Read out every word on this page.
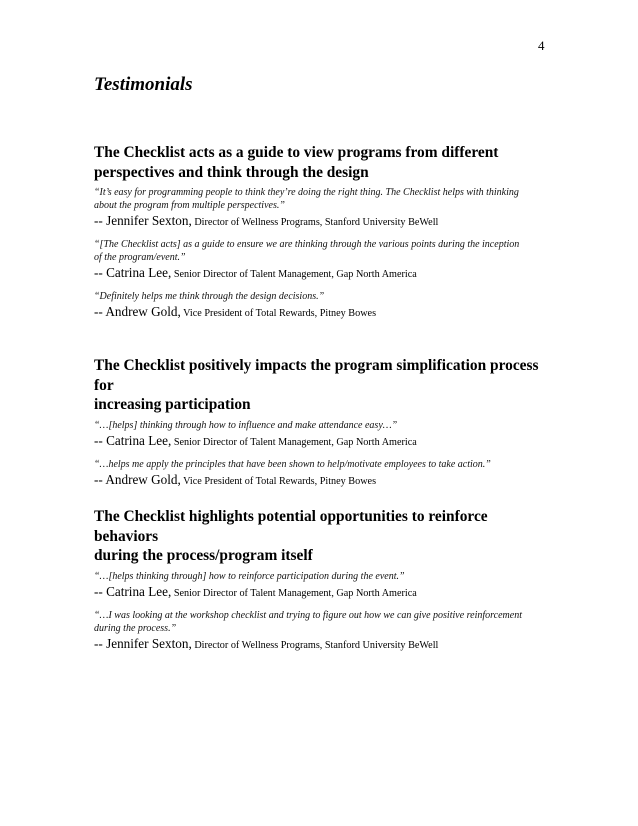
4
Testimonials
The Checklist acts as a guide to view programs from different
perspectives and think through the design
“It’s easy for programming people to think they’re doing the right thing. The Checklist helps with thinking
about the program from multiple perspectives.”
-- Jennifer Sexton, Director of Wellness Programs, Stanford University BeWell
“[The Checklist acts] as a guide to ensure we are thinking through the various points during the inception
of the program/event.”
-- Catrina Lee, Senior Director of Talent Management, Gap North America
“Definitely helps me think through the design decisions.”
-- Andrew Gold, Vice President of Total Rewards, Pitney Bowes
The Checklist positively impacts the program simplification process for
increasing participation
“…[helps] thinking through how to influence and make attendance easy…”
-- Catrina Lee, Senior Director of Talent Management, Gap North America
“…helps me apply the principles that have been shown to help/motivate employees to take action.”
-- Andrew Gold, Vice President of Total Rewards, Pitney Bowes
The Checklist highlights potential opportunities to reinforce behaviors
during the process/program itself
“…[helps thinking through] how to reinforce participation during the event.”
-- Catrina Lee, Senior Director of Talent Management, Gap North America
“…I was looking at the workshop checklist and trying to figure out how we can give positive reinforcement
during the process.”
-- Jennifer Sexton, Director of Wellness Programs, Stanford University BeWell
